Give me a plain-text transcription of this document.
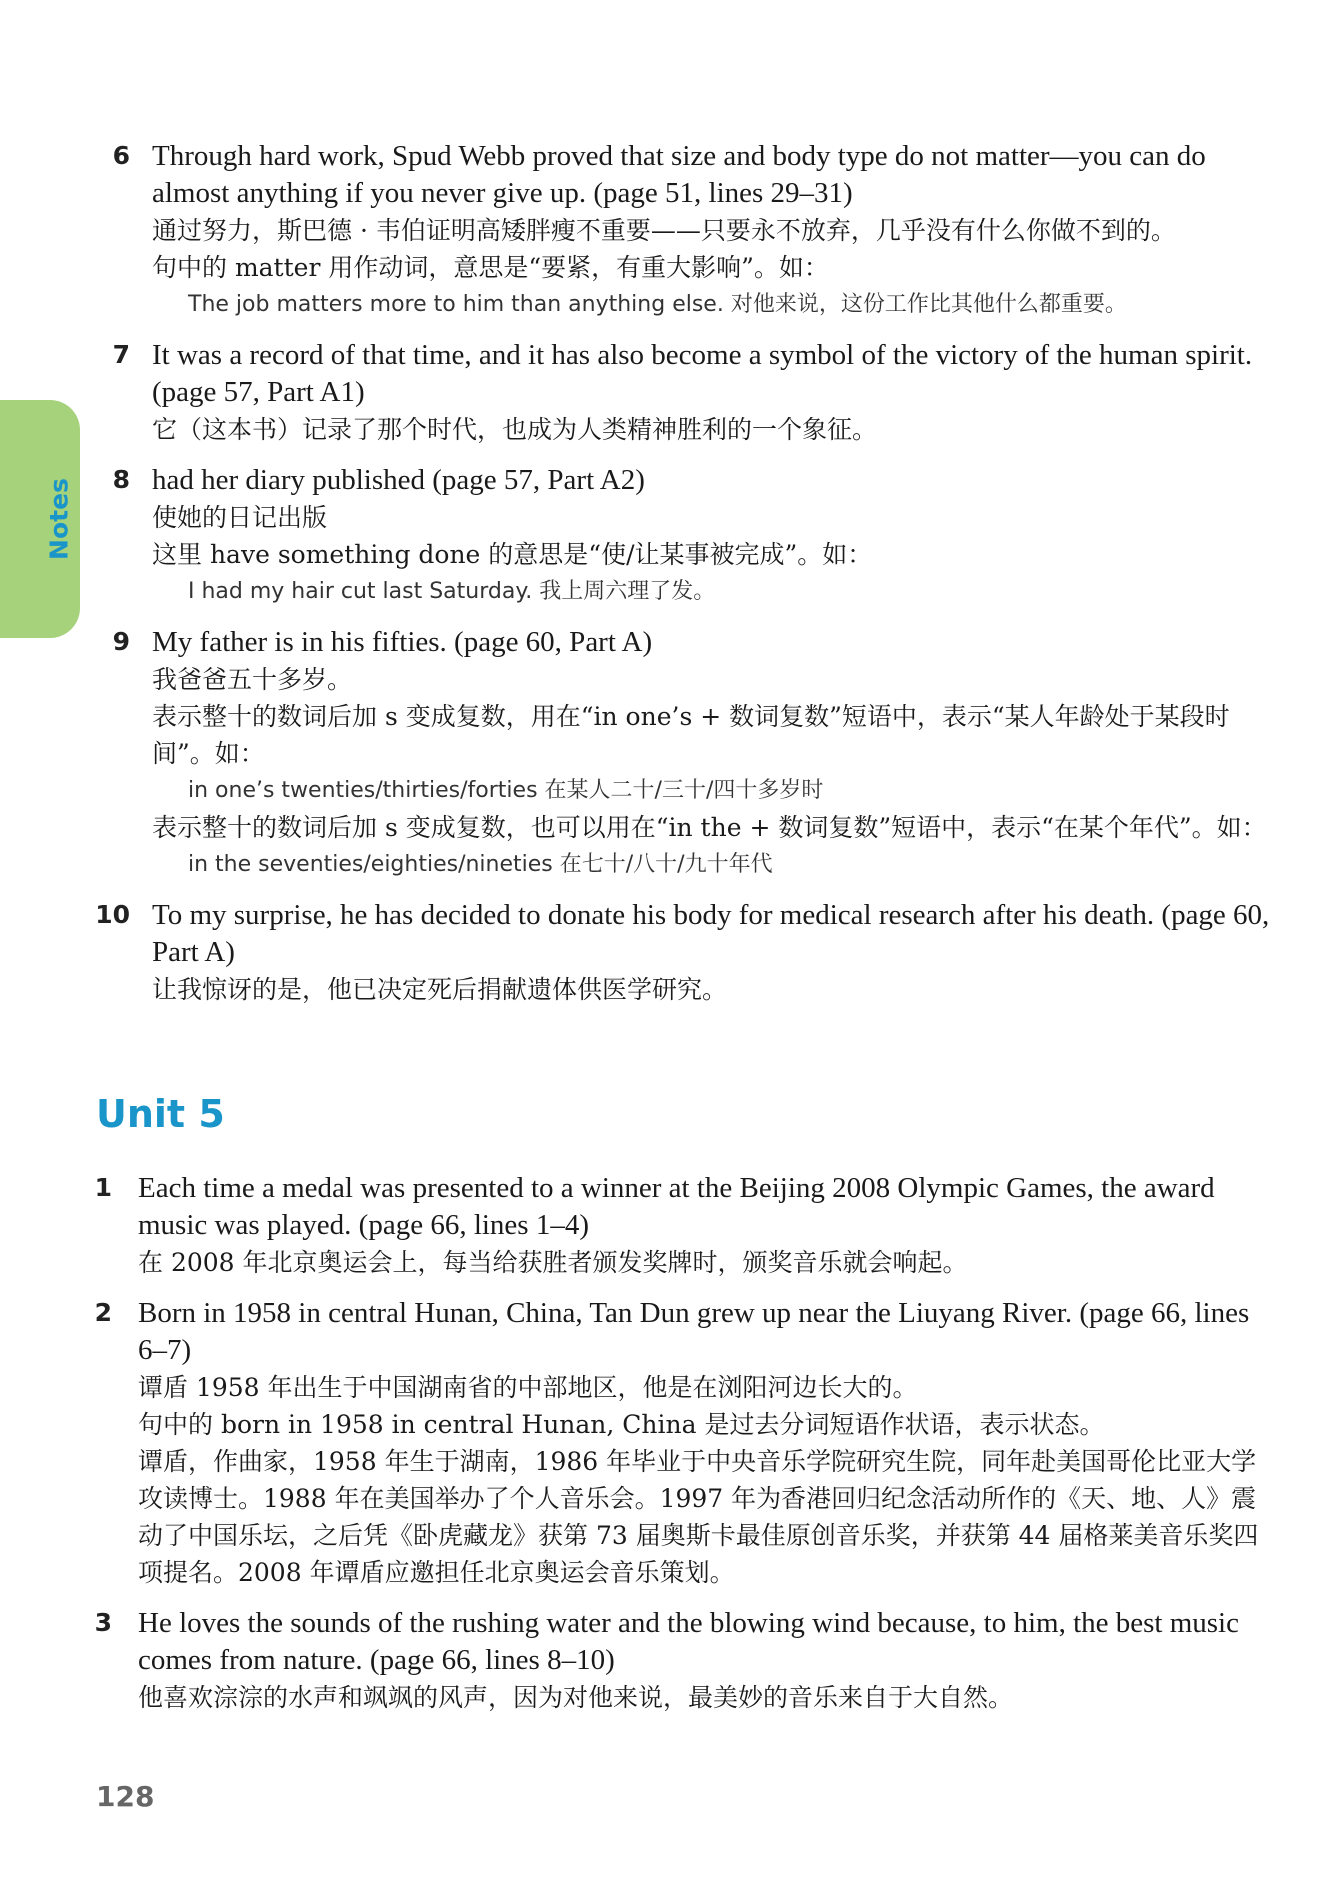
Notes
6 Through hard work, Spud Webb proved that size and body type do not matter—you can do almost anything if you never give up. (page 51, lines 29–31)
通过努力，斯巴德 · 韦伯证明高矮胖瘦不重要——只要永不放弃，几乎没有什么你做不到的。
句中的 matter 用作动词，意思是“要紧，有重大影响”。如：
The job matters more to him than anything else. 对他来说，这份工作比其他什么都重要。
7 It was a record of that time, and it has also become a symbol of the victory of the human spirit. (page 57, Part A1)
它（这本书）记录了那个时代，也成为人类精神胜利的一个象征。
8 had her diary published (page 57, Part A2)
使她的日记出版
这里 have something done 的意思是“使/让某事被完成”。如：
I had my hair cut last Saturday. 我上周六理了发。
9 My father is in his fifties. (page 60, Part A)
我爸爸五十多岁。
表示整十的数词后加 s 变成复数，用在“in one’s + 数词复数”短语中，表示“某人年龄处于某段时间”。如：
in one’s twenties/thirties/forties 在某人二十/三十/四十多岁时
表示整十的数词后加 s 变成复数，也可以用在“in the + 数词复数”短语中，表示“在某个年代”。如：
in the seventies/eighties/nineties 在七十/八十/九十年代
10 To my surprise, he has decided to donate his body for medical research after his death. (page 60, Part A)
让我惊讶的是，他已决定死后捐献遗体供医学研究。
Unit 5
1 Each time a medal was presented to a winner at the Beijing 2008 Olympic Games, the award music was played. (page 66, lines 1–4)
在 2008 年北京奥运会上，每当给获胜者颁发奖牌时，颁奖音乐就会响起。
2 Born in 1958 in central Hunan, China, Tan Dun grew up near the Liuyang River. (page 66, lines 6–7)
谭盾 1958 年出生于中国湖南省的中部地区，他是在浏阳河边长大的。
句中的 born in 1958 in central Hunan, China 是过去分词短语作状语，表示状态。
谭盾，作曲家，1958 年生于湖南，1986 年毕业于中央音乐学院研究生院，同年赴美国哥伦比亚大学攻读博士。1988 年在美国举办了个人音乐会。1997 年为香港回归纪念活动所作的《天、地、人》震动了中国乐坛，之后凭《卧虎藏龙》获第 73 届奥斯卡最佳原创音乐奖，并获第 44 届格莱美音乐奖四项提名。2008 年谭盾应邀担任北京奥运会音乐策划。
3 He loves the sounds of the rushing water and the blowing wind because, to him, the best music comes from nature. (page 66, lines 8–10)
他喜欢淙淙的水声和飒飒的风声，因为对他来说，最美妙的音乐来自于大自然。
128
